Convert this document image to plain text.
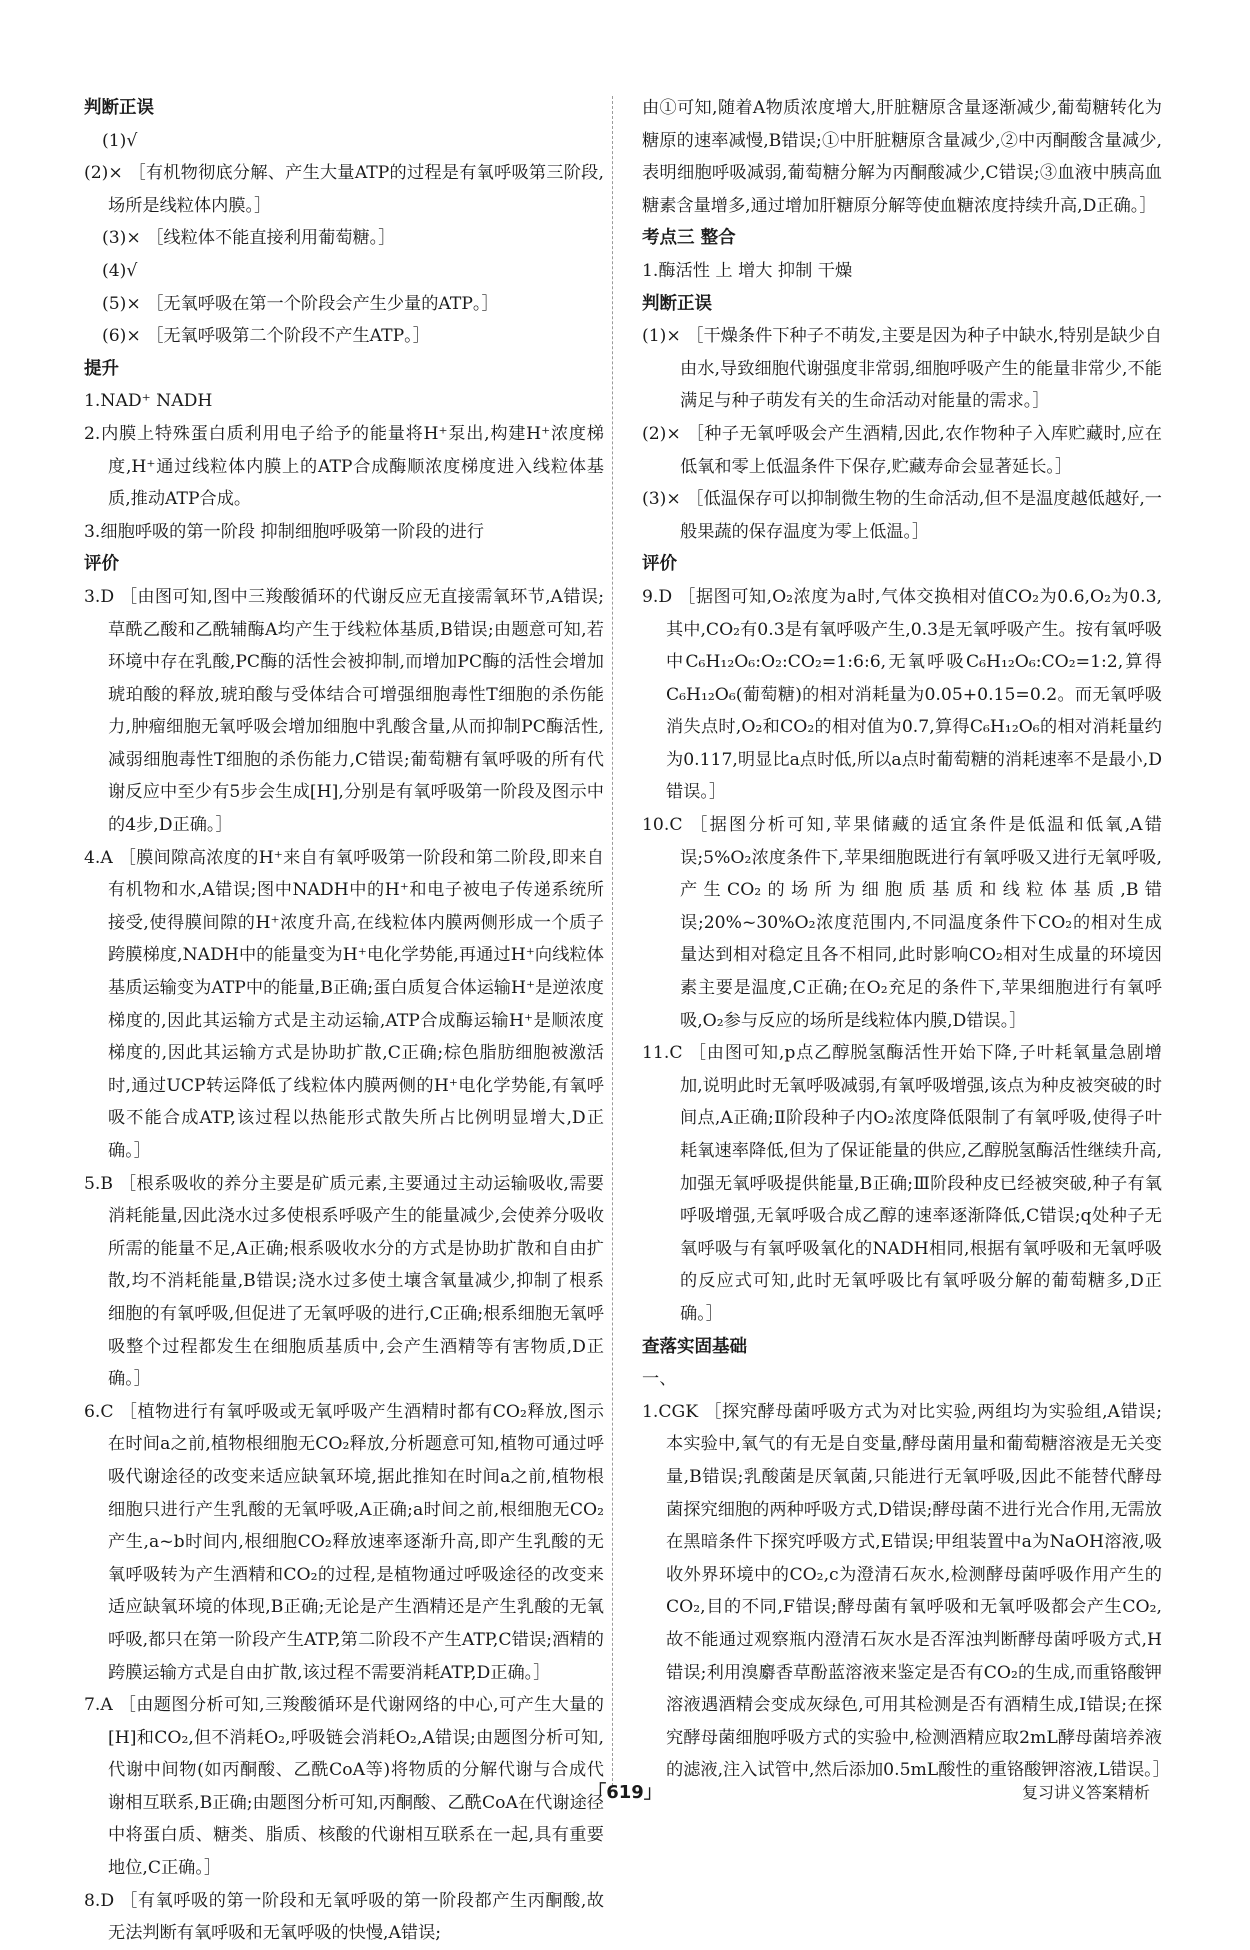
判断正误
(1)√
(2)× ［有机物彻底分解、产生大量ATP的过程是有氧呼吸第三阶段,场所是线粒体内膜。］
(3)× ［线粒体不能直接利用葡萄糖。］
(4)√
(5)× ［无氧呼吸在第一个阶段会产生少量的ATP。］
(6)× ［无氧呼吸第二个阶段不产生ATP。］
提升
1.NAD⁺ NADH
2.内膜上特殊蛋白质利用电子给予的能量将H⁺泵出,构建H⁺浓度梯度,H⁺通过线粒体内膜上的ATP合成酶顺浓度梯度进入线粒体基质,推动ATP合成。
3.细胞呼吸的第一阶段 抑制细胞呼吸第一阶段的进行
评价
3.D ［由图可知,图中三羧酸循环的代谢反应无直接需氧环节,A错误;草酰乙酸和乙酰辅酶A均产生于线粒体基质,B错误;由题意可知,若环境中存在乳酸,PC酶的活性会被抑制,而增加PC酶的活性会增加琥珀酸的释放,琥珀酸与受体结合可增强细胞毒性T细胞的杀伤能力,肿瘤细胞无氧呼吸会增加细胞中乳酸含量,从而抑制PC酶活性,减弱细胞毒性T细胞的杀伤能力,C错误;葡萄糖有氧呼吸的所有代谢反应中至少有5步会生成[H],分别是有氧呼吸第一阶段及图示中的4步,D正确。］
4.A ［膜间隙高浓度的H⁺来自有氧呼吸第一阶段和第二阶段,即来自有机物和水,A错误;图中NADH中的H⁺和电子被电子传递系统所接受,使得膜间隙的H⁺浓度升高,在线粒体内膜两侧形成一个质子跨膜梯度,NADH中的能量变为H⁺电化学势能,再通过H⁺向线粒体基质运输变为ATP中的能量,B正确;蛋白质复合体运输H⁺是逆浓度梯度的,因此其运输方式是主动运输,ATP合成酶运输H⁺是顺浓度梯度的,因此其运输方式是协助扩散,C正确;棕色脂肪细胞被激活时,通过UCP转运降低了线粒体内膜两侧的H⁺电化学势能,有氧呼吸不能合成ATP,该过程以热能形式散失所占比例明显增大,D正确。］
5.B ［根系吸收的养分主要是矿质元素,主要通过主动运输吸收,需要消耗能量,因此浇水过多使根系呼吸产生的能量减少,会使养分吸收所需的能量不足,A正确;根系吸收水分的方式是协助扩散和自由扩散,均不消耗能量,B错误;浇水过多使土壤含氧量减少,抑制了根系细胞的有氧呼吸,但促进了无氧呼吸的进行,C正确;根系细胞无氧呼吸整个过程都发生在细胞质基质中,会产生酒精等有害物质,D正确。］
6.C ［植物进行有氧呼吸或无氧呼吸产生酒精时都有CO₂释放,图示在时间a之前,植物根细胞无CO₂释放,分析题意可知,植物可通过呼吸代谢途径的改变来适应缺氧环境,据此推知在时间a之前,植物根细胞只进行产生乳酸的无氧呼吸,A正确;a时间之前,根细胞无CO₂产生,a~b时间内,根细胞CO₂释放速率逐渐升高,即产生乳酸的无氧呼吸转为产生酒精和CO₂的过程,是植物通过呼吸途径的改变来适应缺氧环境的体现,B正确;无论是产生酒精还是产生乳酸的无氧呼吸,都只在第一阶段产生ATP,第二阶段不产生ATP,C错误;酒精的跨膜运输方式是自由扩散,该过程不需要消耗ATP,D正确。］
7.A ［由题图分析可知,三羧酸循环是代谢网络的中心,可产生大量的[H]和CO₂,但不消耗O₂,呼吸链会消耗O₂,A错误;由题图分析可知,代谢中间物(如丙酮酸、乙酰CoA等)将物质的分解代谢与合成代谢相互联系,B正确;由题图分析可知,丙酮酸、乙酰CoA在代谢途径中将蛋白质、糖类、脂质、核酸的代谢相互联系在一起,具有重要地位,C正确。］
8.D ［有氧呼吸的第一阶段和无氧呼吸的第一阶段都产生丙酮酸,故无法判断有氧呼吸和无氧呼吸的快慢,A错误;
由①可知,随着A物质浓度增大,肝脏糖原含量逐渐减少,葡萄糖转化为糖原的速率减慢,B错误;①中肝脏糖原含量减少,②中丙酮酸含量减少,表明细胞呼吸减弱,葡萄糖分解为丙酮酸减少,C错误;③血液中胰高血糖素含量增多,通过增加肝糖原分解等使血糖浓度持续升高,D正确。］
考点三 整合
1.酶活性 上 增大 抑制 干燥
判断正误
(1)× ［干燥条件下种子不萌发,主要是因为种子中缺水,特别是缺少自由水,导致细胞代谢强度非常弱,细胞呼吸产生的能量非常少,不能满足与种子萌发有关的生命活动对能量的需求。］
(2)× ［种子无氧呼吸会产生酒精,因此,农作物种子入库贮藏时,应在低氧和零上低温条件下保存,贮藏寿命会显著延长。］
(3)× ［低温保存可以抑制微生物的生命活动,但不是温度越低越好,一般果蔬的保存温度为零上低温。］
评价
9.D ［据图可知,O₂浓度为a时,气体交换相对值CO₂为0.6,O₂为0.3,其中,CO₂有0.3是有氧呼吸产生,0.3是无氧呼吸产生。按有氧呼吸中C₆H₁₂O₆:O₂:CO₂=1:6:6,无氧呼吸C₆H₁₂O₆:CO₂=1:2,算得C₆H₁₂O₆(葡萄糖)的相对消耗量为0.05+0.15=0.2。而无氧呼吸消失点时,O₂和CO₂的相对值为0.7,算得C₆H₁₂O₆的相对消耗量约为0.117,明显比a点时低,所以a点时葡萄糖的消耗速率不是最小,D错误。］
10.C ［据图分析可知,苹果储藏的适宜条件是低温和低氧,A错误;5%O₂浓度条件下,苹果细胞既进行有氧呼吸又进行无氧呼吸,产生CO₂的场所为细胞质基质和线粒体基质,B错误;20%~30%O₂浓度范围内,不同温度条件下CO₂的相对生成量达到相对稳定且各不相同,此时影响CO₂相对生成量的环境因素主要是温度,C正确;在O₂充足的条件下,苹果细胞进行有氧呼吸,O₂参与反应的场所是线粒体内膜,D错误。］
11.C ［由图可知,p点乙醇脱氢酶活性开始下降,子叶耗氧量急剧增加,说明此时无氧呼吸减弱,有氧呼吸增强,该点为种皮被突破的时间点,A正确;Ⅱ阶段种子内O₂浓度降低限制了有氧呼吸,使得子叶耗氧速率降低,但为了保证能量的供应,乙醇脱氢酶活性继续升高,加强无氧呼吸提供能量,B正确;Ⅲ阶段种皮已经被突破,种子有氧呼吸增强,无氧呼吸合成乙醇的速率逐渐降低,C错误;q处种子无氧呼吸与有氧呼吸氧化的NADH相同,根据有氧呼吸和无氧呼吸的反应式可知,此时无氧呼吸比有氧呼吸分解的葡萄糖多,D正确。］
查落实固基础
一、
1.CGK ［探究酵母菌呼吸方式为对比实验,两组均为实验组,A错误;本实验中,氧气的有无是自变量,酵母菌用量和葡萄糖溶液是无关变量,B错误;乳酸菌是厌氧菌,只能进行无氧呼吸,因此不能替代酵母菌探究细胞的两种呼吸方式,D错误;酵母菌不进行光合作用,无需放在黑暗条件下探究呼吸方式,E错误;甲组装置中a为NaOH溶液,吸收外界环境中的CO₂,c为澄清石灰水,检测酵母菌呼吸作用产生的CO₂,目的不同,F错误;酵母菌有氧呼吸和无氧呼吸都会产生CO₂,故不能通过观察瓶内澄清石灰水是否浑浊判断酵母菌呼吸方式,H错误;利用溴麝香草酚蓝溶液来鉴定是否有CO₂的生成,而重铬酸钾溶液遇酒精会变成灰绿色,可用其检测是否有酒精生成,I错误;在探究酵母菌细胞呼吸方式的实验中,检测酒精应取2mL酵母菌培养液的滤液,注入试管中,然后添加0.5mL酸性的重铬酸钾溶液,L错误。］
「619」	复习讲义答案精析
